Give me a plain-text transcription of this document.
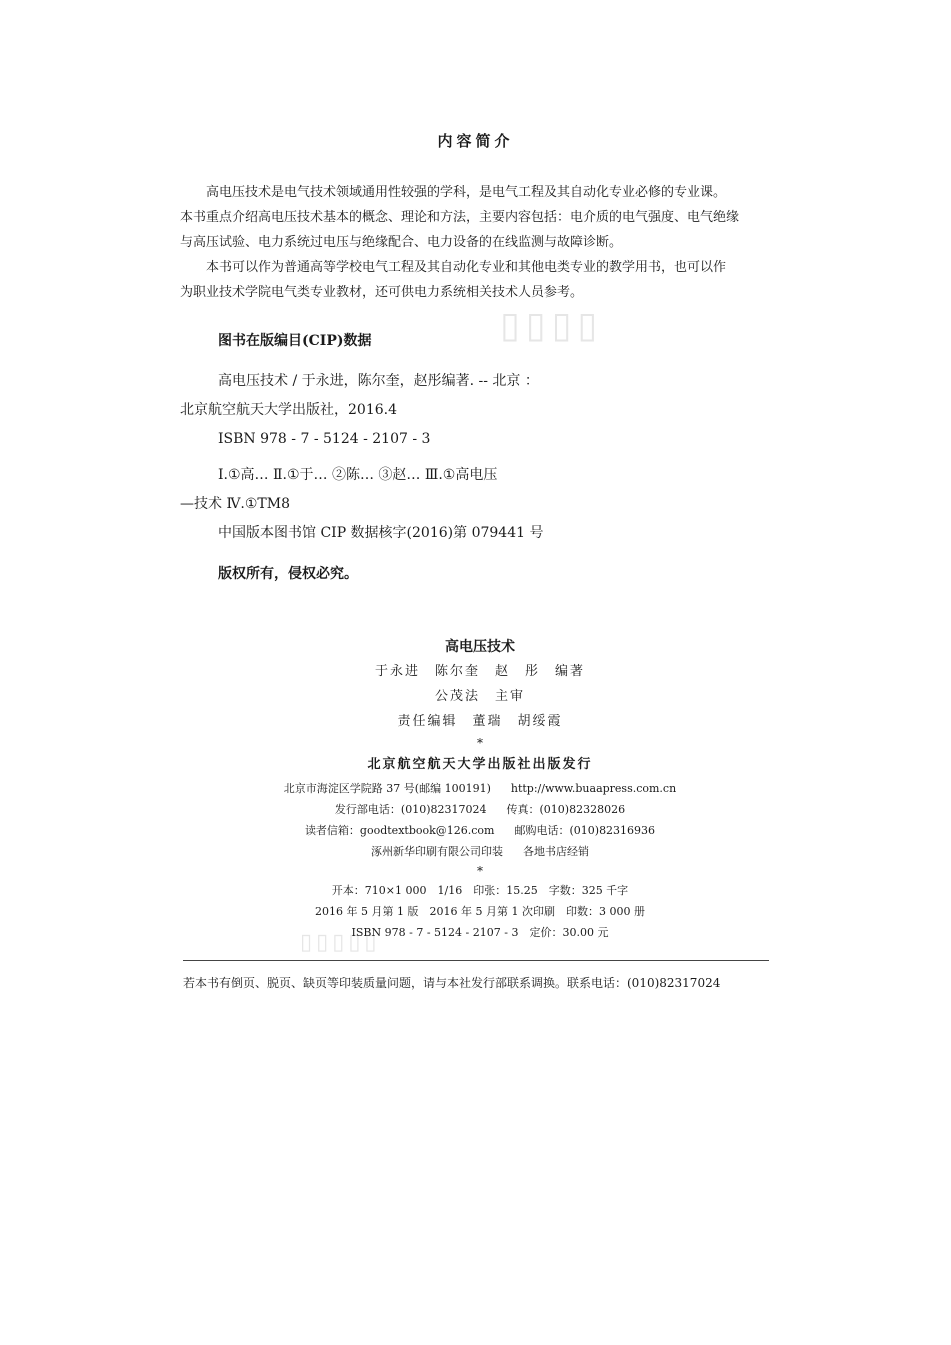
▯▯▯▯
▯▯▯▯▯
内容简介

高电压技术是电气技术领域通用性较强的学科，是电气工程及其自动化专业必修的专业课。

本书重点介绍高电压技术基本的概念、理论和方法，主要内容包括：电介质的电气强度、电气绝缘

与高压试验、电力系统过电压与绝缘配合、电力设备的在线监测与故障诊断。

本书可以作为普通高等学校电气工程及其自动化专业和其他电类专业的教学用书，也可以作

为职业技术学院电气类专业教材，还可供电力系统相关技术人员参考。

图书在版编目(CIP)数据
高电压技术 / 于永进，陈尔奎，赵彤编著. -- 北京 ：
北京航空航天大学出版社，2016.4
ISBN 978 - 7 - 5124 - 2107 - 3
Ⅰ.①高… Ⅱ.①于… ②陈… ③赵… Ⅲ.①高电压
—技术 Ⅳ.①TM8
中国版本图书馆 CIP 数据核字(2016)第 079441 号
版权所有，侵权必究。
高电压技术
于永进　陈尔奎　赵　彤　编著
公茂法　主审
责任编辑　董瑞　胡绥霞
*
北京航空航天大学出版社出版发行
北京市海淀区学院路 37 号(邮编 100191) http://www.buaapress.com.cn
发行部电话：(010)82317024 传真：(010)82328026
读者信箱：goodtextbook@126.com 邮购电话：(010)82316936
涿州新华印刷有限公司印装 各地书店经销
*
开本：710×1 000　1/16　印张：15.25　字数：325 千字
2016 年 5 月第 1 版　2016 年 5 月第 1 次印刷　印数：3 000 册
ISBN 978 - 7 - 5124 - 2107 - 3　定价：30.00 元
若本书有倒页、脱页、缺页等印装质量问题，请与本社发行部联系调换。联系电话：(010)82317024
